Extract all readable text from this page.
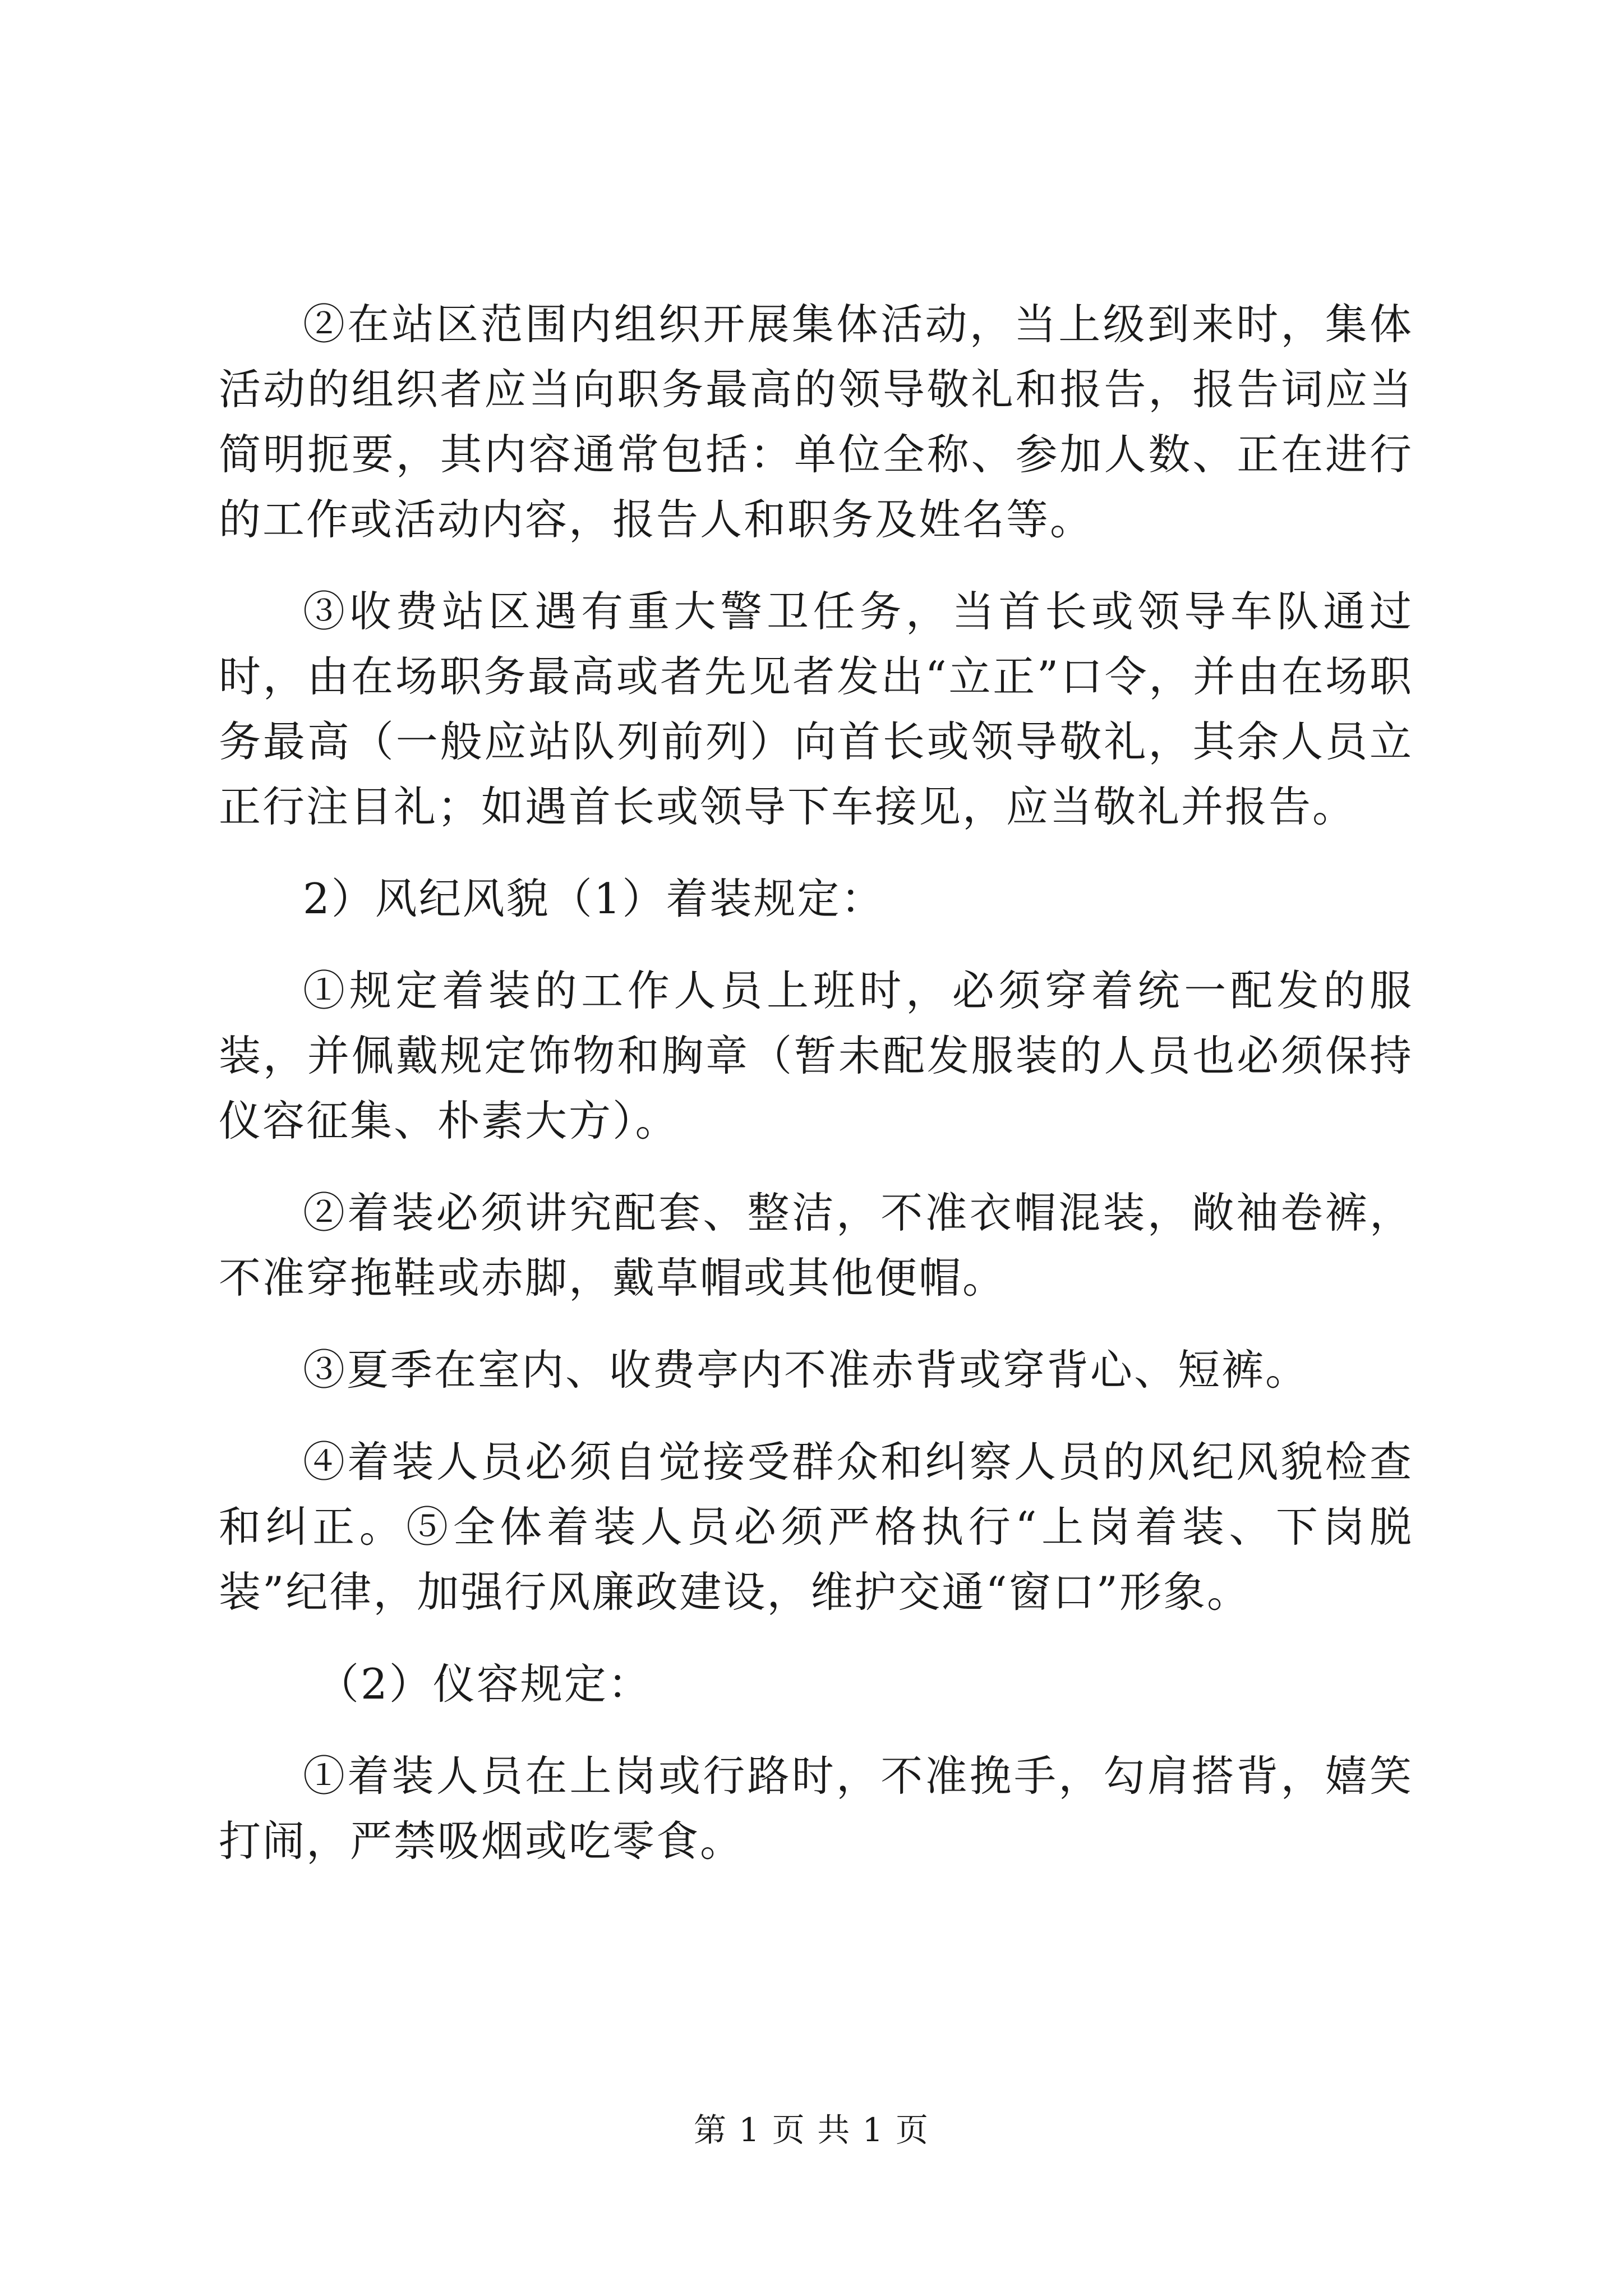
②在站区范围内组织开展集体活动，当上级到来时，集体活动的组织者应当向职务最高的领导敬礼和报告，报告词应当简明扼要，其内容通常包括：单位全称、参加人数、正在进行的工作或活动内容，报告人和职务及姓名等。

③收费站区遇有重大警卫任务，当首长或领导车队通过时，由在场职务最高或者先见者发出“立正”口令，并由在场职务最高（一般应站队列前列）向首长或领导敬礼，其余人员立正行注目礼；如遇首长或领导下车接见，应当敬礼并报告。

2）风纪风貌（1）着装规定：

①规定着装的工作人员上班时，必须穿着统一配发的服装，并佩戴规定饰物和胸章（暂未配发服装的人员也必须保持仪容征集、朴素大方）。

②着装必须讲究配套、整洁，不准衣帽混装，敞袖卷裤，不准穿拖鞋或赤脚，戴草帽或其他便帽。

③夏季在室内、收费亭内不准赤背或穿背心、短裤。

④着装人员必须自觉接受群众和纠察人员的风纪风貌检查和纠正。⑤全体着装人员必须严格执行“上岗着装、下岗脱装”纪律，加强行风廉政建设，维护交通“窗口”形象。

（2）仪容规定：

①着装人员在上岗或行路时，不准挽手，勾肩搭背，嬉笑打闹，严禁吸烟或吃零食。

第 1 页 共 1 页
